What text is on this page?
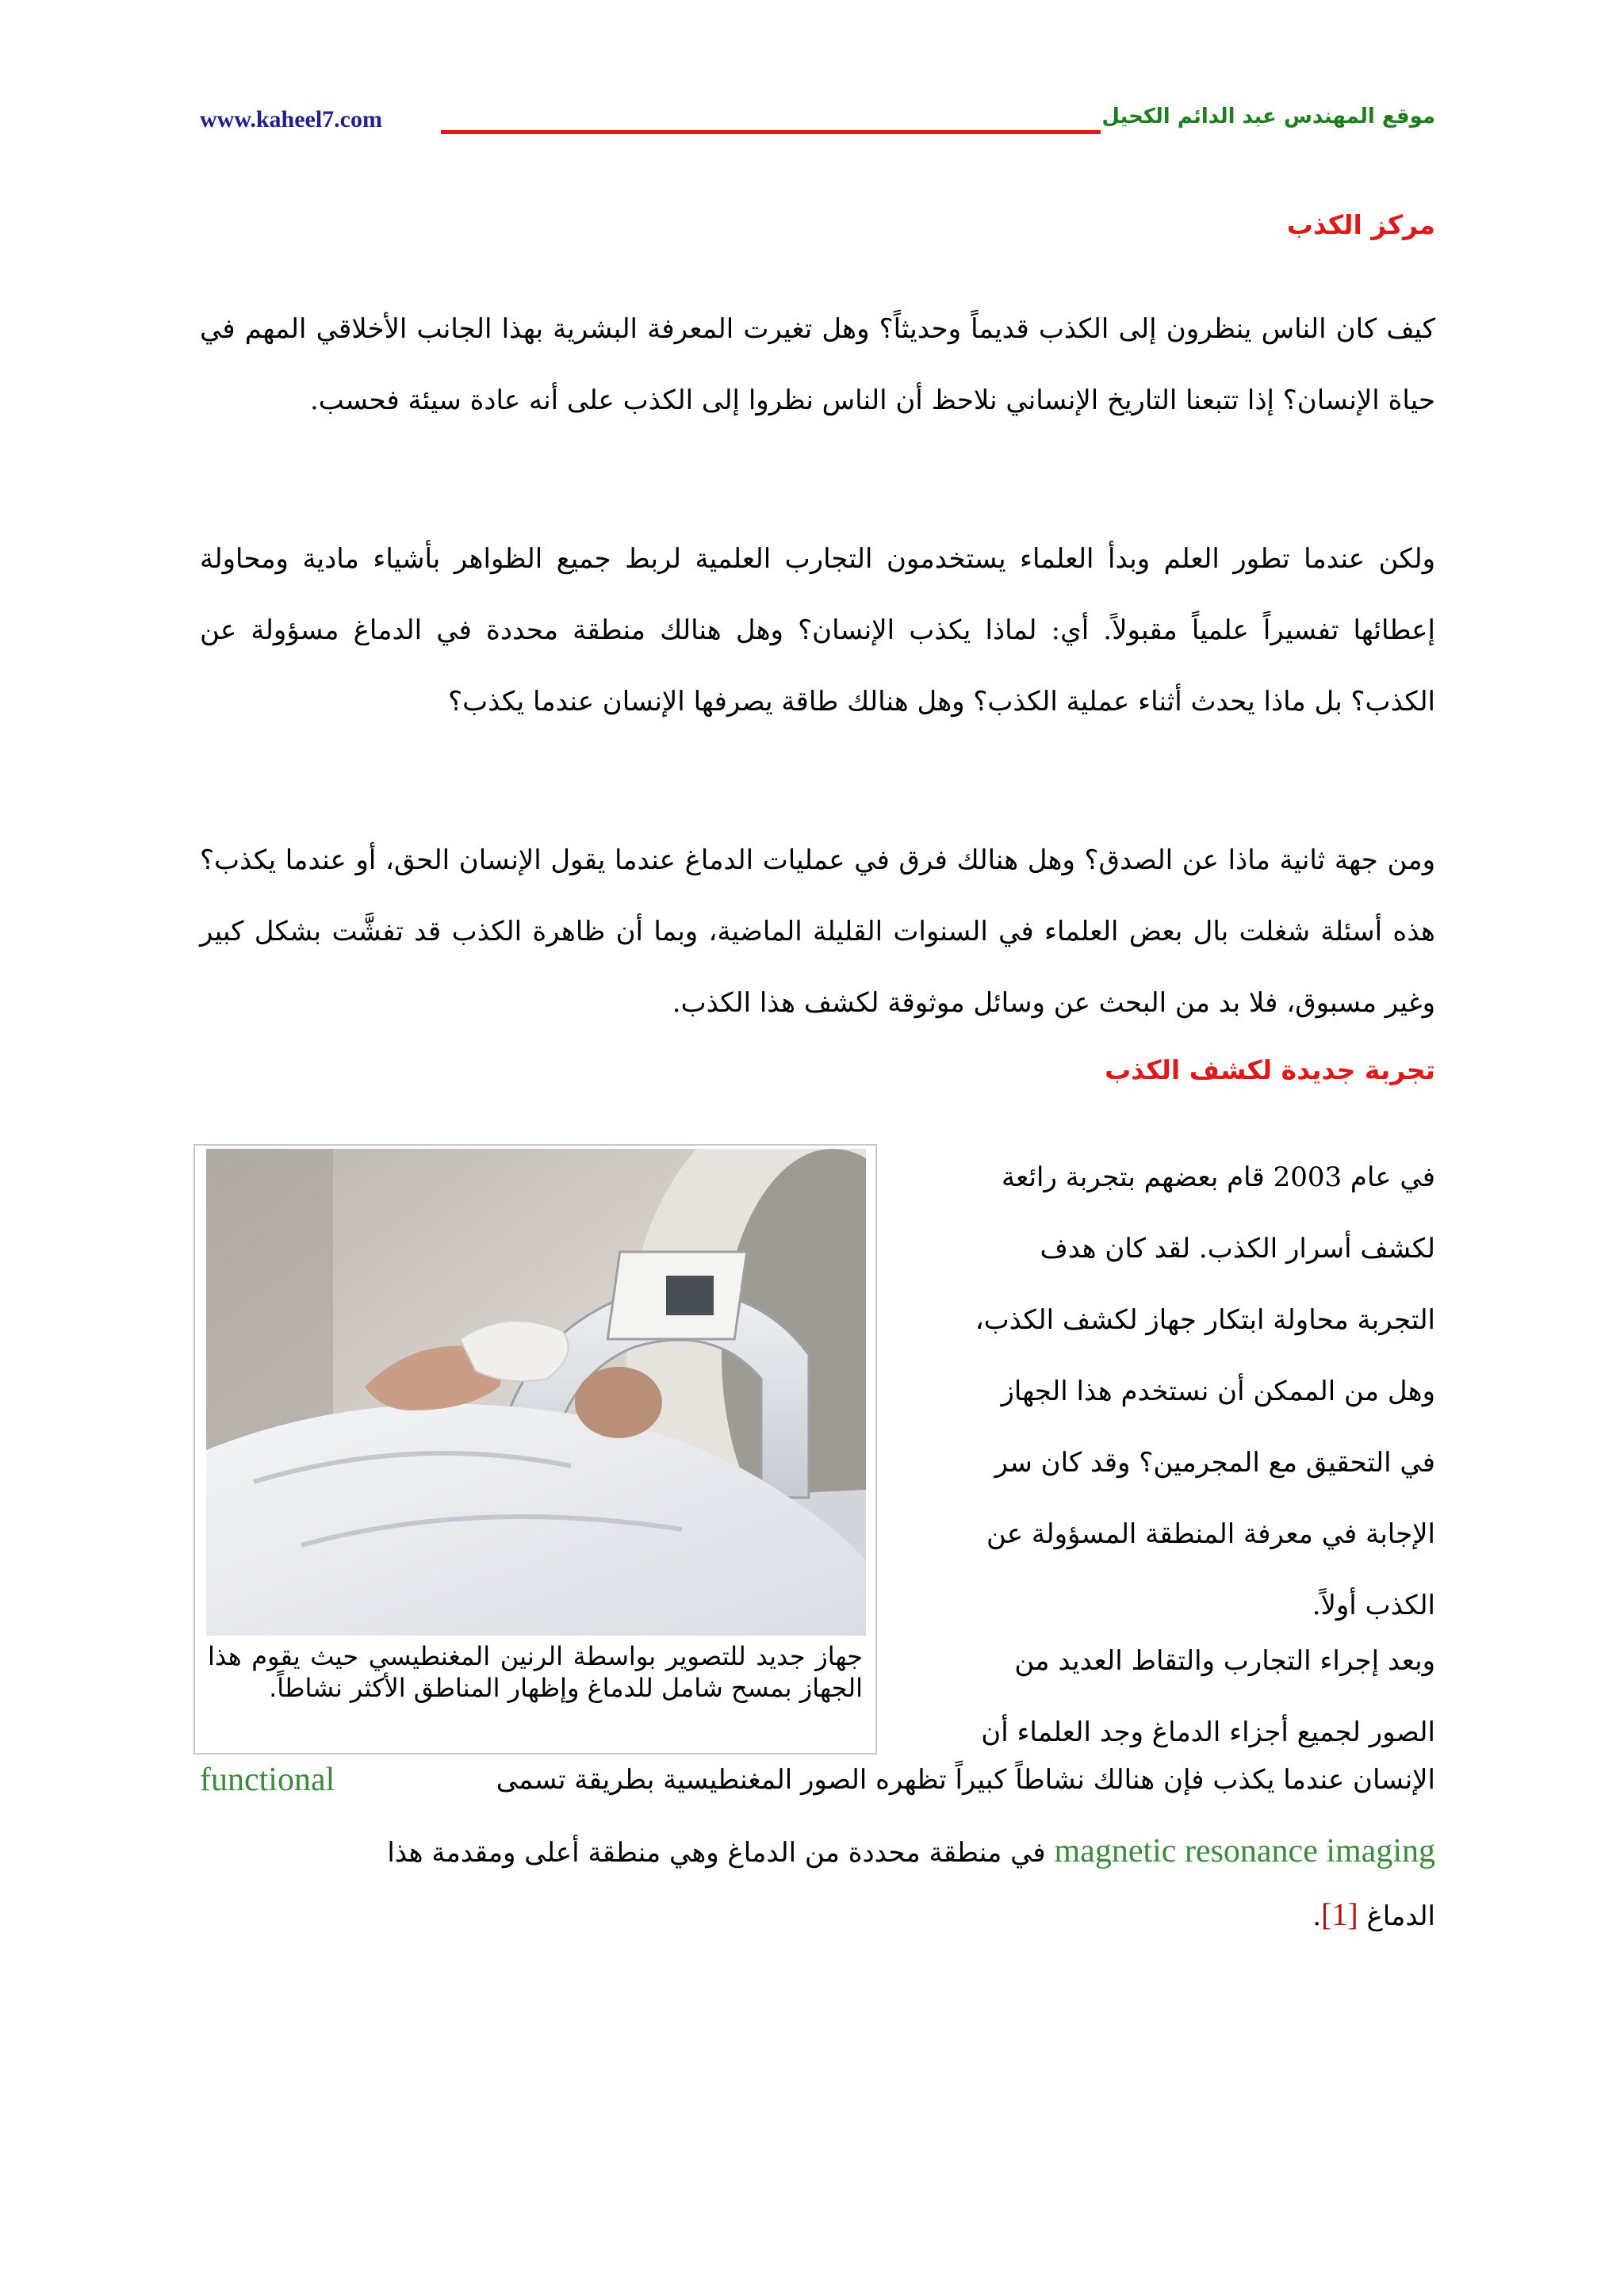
www.kaheel7.com	موقع المهندس عبد الدائم الكحيل
مركز الكذب
كيف كان الناس ينظرون إلى الكذب قديماً وحديثاً؟ وهل تغيرت المعرفة البشرية بهذا الجانب الأخلاقي المهم في حياة الإنسان؟ إذا تتبعنا التاريخ الإنساني نلاحظ أن الناس نظروا إلى الكذب على أنه عادة سيئة فحسب.
ولكن عندما تطور العلم وبدأ العلماء يستخدمون التجارب العلمية لربط جميع الظواهر بأشياء مادية ومحاولة إعطائها تفسيراً علمياً مقبولاً. أي: لماذا يكذب الإنسان؟ وهل هنالك منطقة محددة في الدماغ مسؤولة عن الكذب؟ بل ماذا يحدث أثناء عملية الكذب؟ وهل هنالك طاقة يصرفها الإنسان عندما يكذب؟
ومن جهة ثانية ماذا عن الصدق؟ وهل هنالك فرق في عمليات الدماغ عندما يقول الإنسان الحق، أو عندما يكذب؟ هذه أسئلة شغلت بال بعض العلماء في السنوات القليلة الماضية، وبما أن ظاهرة الكذب قد تفشَّت بشكل كبير وغير مسبوق، فلا بد من البحث عن وسائل موثوقة لكشف هذا الكذب.
تجربة جديدة لكشف الكذب
في عام 2003 قام بعضهم بتجربة رائعة لكشف أسرار الكذب. لقد كان هدف التجربة محاولة ابتكار جهاز لكشف الكذب، وهل من الممكن أن نستخدم هذا الجهاز في التحقيق مع المجرمين؟ وقد كان سر الإجابة في معرفة المنطقة المسؤولة عن الكذب أولاً.
وبعد إجراء التجارب والتقاط العديد من الصور لجميع أجزاء الدماغ وجد العلماء أن
جهاز جديد للتصوير بواسطة الرنين المغنطيسي حيث يقوم هذا الجهاز بمسح شامل للدماغ وإظهار المناطق الأكثر نشاطاً.
الإنسان عندما يكذب فإن هنالك نشاطاً كبيراً تظهره الصور المغنطيسية بطريقة تسمى
functional
magnetic resonance imaging في منطقة محددة من الدماغ وهي منطقة أعلى ومقدمة هذا
الدماغ [1].
